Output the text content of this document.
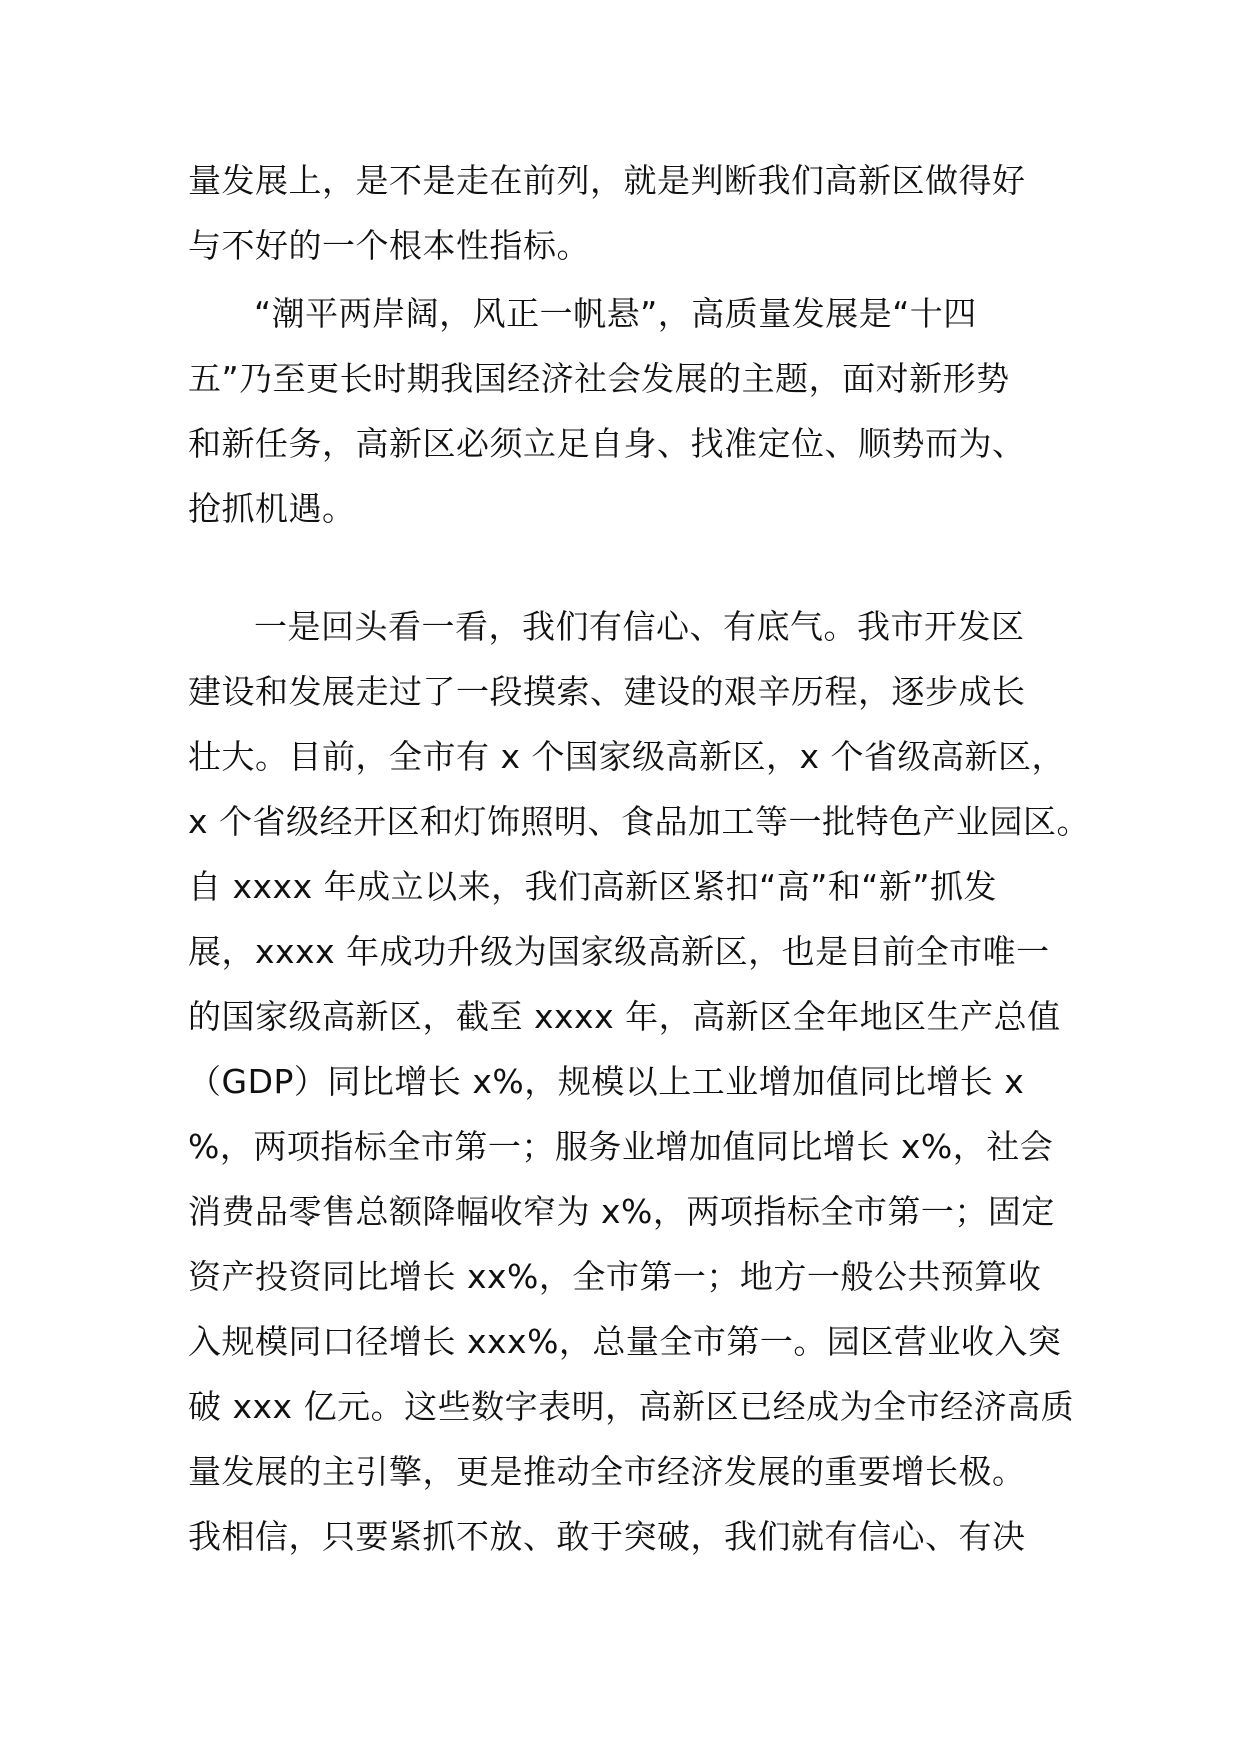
量发展上，是不是走在前列，就是判断我们高新区做得好
与不好的一个根本性指标。
“潮平两岸阔，风正一帆悬”，高质量发展是“十四
五”乃至更长时期我国经济社会发展的主题，面对新形势
和新任务，高新区必须立足自身、找准定位、顺势而为、
抢抓机遇。
一是回头看一看，我们有信心、有底气。我市开发区
建设和发展走过了一段摸索、建设的艰辛历程，逐步成长
壮大。目前，全市有 x 个国家级高新区，x 个省级高新区，
x 个省级经开区和灯饰照明、食品加工等一批特色产业园区。
自 xxxx 年成立以来，我们高新区紧扣“高”和“新”抓发
展，xxxx 年成功升级为国家级高新区，也是目前全市唯一
的国家级高新区，截至 xxxx 年，高新区全年地区生产总值
（GDP）同比增长 x%，规模以上工业增加值同比增长 x
%，两项指标全市第一；服务业增加值同比增长 x%，社会
消费品零售总额降幅收窄为 x%，两项指标全市第一；固定
资产投资同比增长 xx%，全市第一；地方一般公共预算收
入规模同口径增长 xxx%，总量全市第一。园区营业收入突
破 xxx 亿元。这些数字表明，高新区已经成为全市经济高质
量发展的主引擎，更是推动全市经济发展的重要增长极。
我相信，只要紧抓不放、敢于突破，我们就有信心、有决
